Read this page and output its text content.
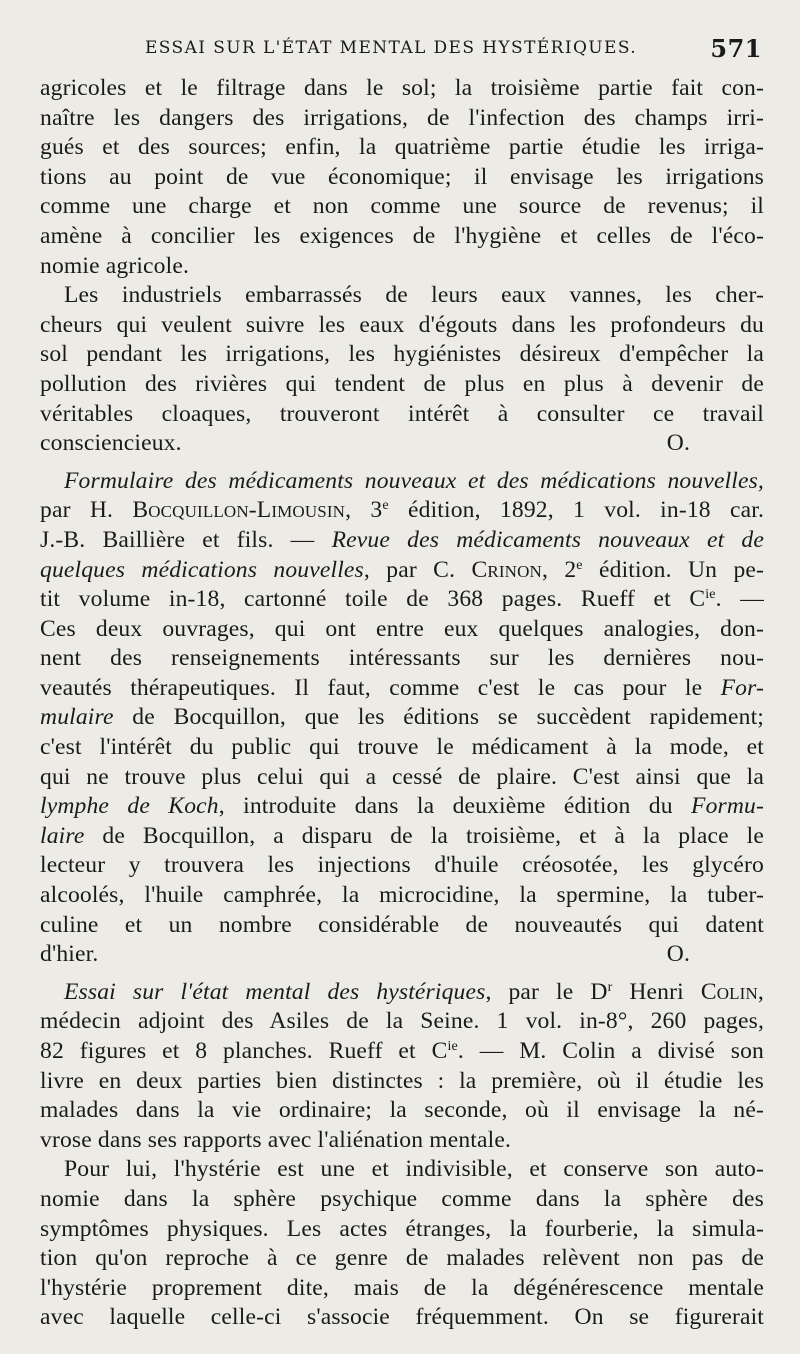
ESSAI SUR L'ÉTAT MENTAL DES HYSTÉRIQUES.	571

agricoles et le filtrage dans le sol; la troisième partie fait con-
naître les dangers des irrigations, de l'infection des champs irri-
gués et des sources; enfin, la quatrième partie étudie les irriga-
tions au point de vue économique; il envisage les irrigations
comme une charge et non comme une source de revenus; il
amène à concilier les exigences de l'hygiène et celles de l'éco-
nomie agricole.

Les industriels embarrassés de leurs eaux vannes, les cher-
cheurs qui veulent suivre les eaux d'égouts dans les profondeurs du
sol pendant les irrigations, les hygiénistes désireux d'empêcher la
pollution des rivières qui tendent de plus en plus à devenir de
véritables cloaques, trouveront intérêt à consulter ce travail
consciencieux.	O.

Formulaire des médicaments nouveaux et des médications nouvelles,
par H. Bocquillon-Limousin, 3e édition, 1892, 1 vol. in-18 car.
J.-B. Baillière et fils. — Revue des médicaments nouveaux et de
quelques médications nouvelles, par C. Crinon, 2e édition. Un pe-
tit volume in-18, cartonné toile de 368 pages. Rueff et $C^{ie}$. —
Ces deux ouvrages, qui ont entre eux quelques analogies, don-
nent des renseignements intéressants sur les dernières nou-
veautés thérapeutiques. Il faut, comme c'est le cas pour le For-
mulaire de Bocquillon, que les éditions se succèdent rapidement;
c'est l'intérêt du public qui trouve le médicament à la mode, et
qui ne trouve plus celui qui a cessé de plaire. C'est ainsi que la
lymphe de Koch, introduite dans la deuxième édition du Formu-
laire de Bocquillon, a disparu de la troisième, et à la place le
lecteur y trouvera les injections d'huile créosotée, les glycéro
alcoolés, l'huile camphrée, la microcidine, la spermine, la tuber-
culine et un nombre considérable de nouveautés qui datent
d'hier.	O.

Essai sur l'état mental des hystériques, par le $D^r$ Henri Colin,
médecin adjoint des Asiles de la Seine. 1 vol. in-8°, 260 pages,
82 figures et 8 planches. Rueff et $C^{ie}$. — M. Colin a divisé son
livre en deux parties bien distinctes : la première, où il étudie les
malades dans la vie ordinaire; la seconde, où il envisage la né-
vrose dans ses rapports avec l'aliénation mentale.

Pour lui, l'hystérie est une et indivisible, et conserve son auto-
nomie dans la sphère psychique comme dans la sphère des
symptômes physiques. Les actes étranges, la fourberie, la simula-
tion qu'on reproche à ce genre de malades relèvent non pas de
l'hystérie proprement dite, mais de la dégénérescence mentale
avec laquelle celle-ci s'associe fréquemment. On se figurerait
